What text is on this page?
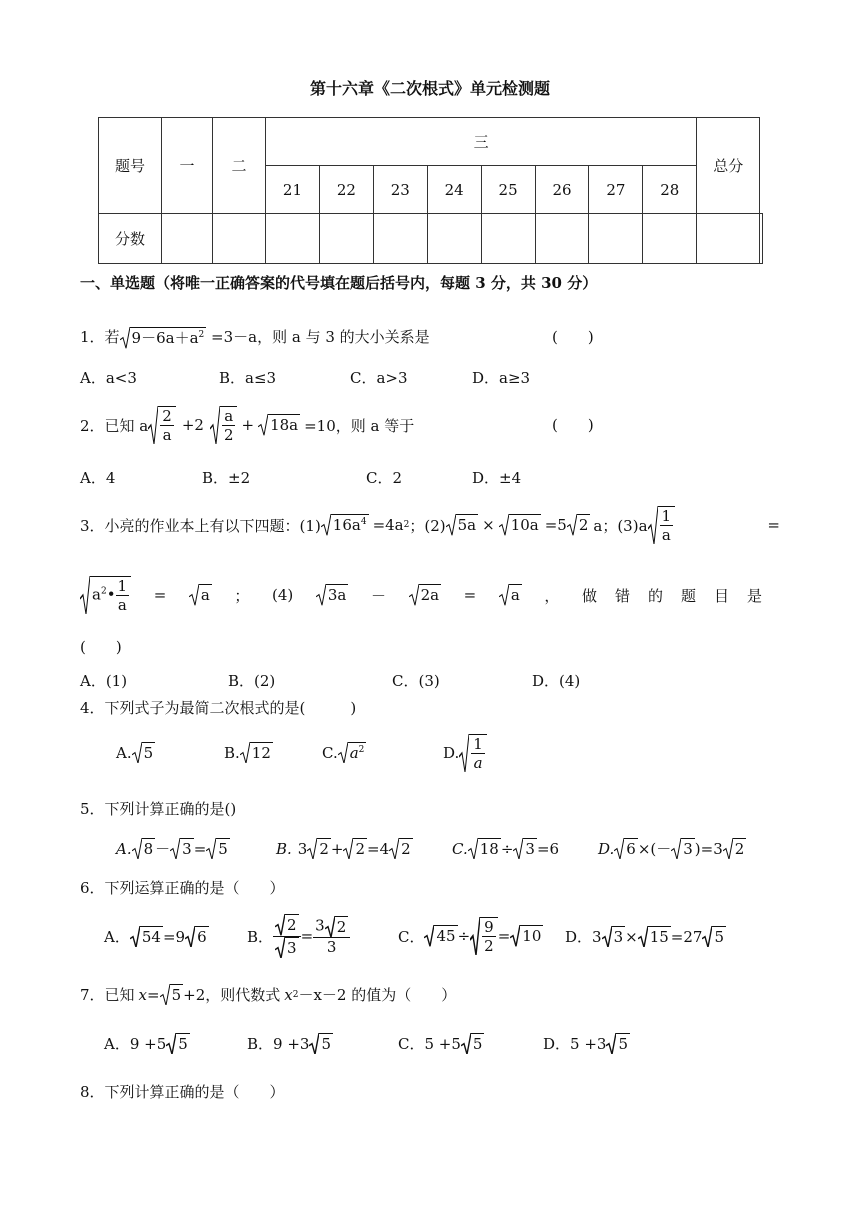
第十六章《二次根式》单元检测题
题号	一	二	三								总分	
			21	22	23	24	25	26	27	28		
分数												
一、单选题（将唯一正确答案的代号填在题后括号内，每题 3 分，共 30 分）
1．若 $9-6a+a^2 =3-a$，则 a 与 3 的大小关系是	(　　)
A．a<3	B．a≤3	C．a>3	D．a≥3
2．已知 a $\frac{2}{a} +2 \frac{a}{2} + 18a =10$，则 a 等于	(　　)
A．4	B．±2	C．2	D．±4
3．小亮的作业本上有以下四题：(1) $16a^4 =4a$ 2 ；(2) 5a × 10a =5 2 a；$(3)a \frac{1}{a}$	=
$a^2• \frac{1}{a} = a$ ； (4) 3a － 2a = a ， 做错的题目是
(　　)
A．(1)	B．(2)	C．(3)	D．(4)
4．下列式子为最简二次根式的是(　　　)
A. 5	B. 12	C. $a^2$	D. $\frac{1}{a}$
5．下列计算正确的是()
A. 8 － 3 = 5	B. 3 2 + 2 =4 2	C. 18 ÷ 3 =6	D. 6 ×(－ 3 )=3 2
6．下列运算正确的是（　　）
A． 54 =9 6	B． $\frac{2}{3} = \frac{3 2}{3}$	C． $45 \div \frac{9}{2} = 10$ D．3 3 × 15 =27 5
7．已知 x = 5 +2，则代数式 x 2 －x－2 的值为（　　）
A．9 +5 5	B．9 +3 5	C．5 +5 5	D．5 +3 5
8．下列计算正确的是（　　）
